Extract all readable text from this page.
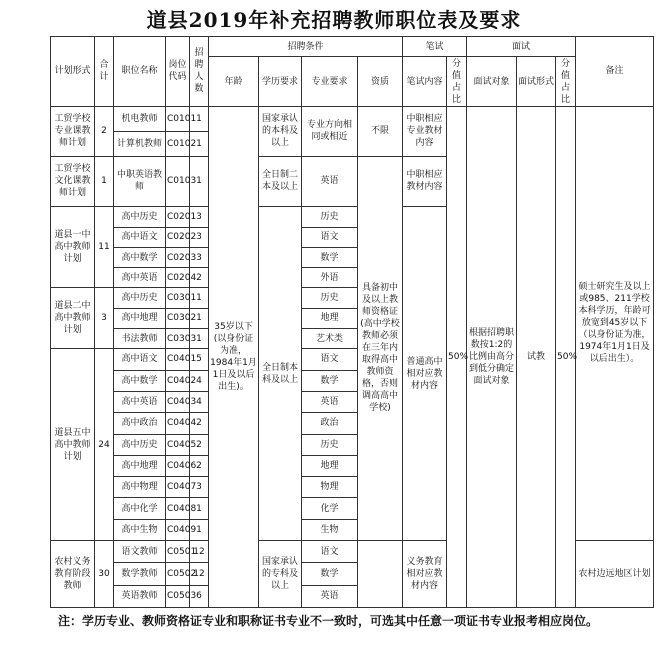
道县2019年补充招聘教师职位表及要求
计划形式	合计	职位名称	岗位代码	招聘人数	招聘条件				笔试		面试			备注
					年龄	学历要求	专业要求	资质	笔试内容	分值占比	面试对象	面试形式	分值占比	
工贸学校专业课教师计划	2	机电教师	C0101	1	35岁以下(以身份证为准，1984年1月1日及以后出生)。	国家承认的本科及以上	专业方向相同或相近	不限	中职相应专业教材内容	50%	根据招聘职数按1:2的比例由高分到低分确定面试对象	试教	50%	硕士研究生及以上或985、211学校本科学历，年龄可放宽到45岁以下（以身份证为准，1974年1月1日及以后出生）。
		计算机教师	C0102	1										
工贸学校文化课教师计划	1	中职英语教师	C0103	1		全日制二本及以上	英语	具备初中及以上教师资格证(高中学校教师必须在三年内取得高中教师资格，否则调高高中学校)	中职相应教材内容					
道县一中高中教师计划	11	高中历史	C0201	3		全日制本科及以上	历史		普通高中相对应教材内容					
		高中语文	C0202	3			语文							
		高中数学	C0203	3			数学							
		高中英语	C0204	2			外语							
道县二中高中教师计划	3	高中历史	C0301	1			历史							
		高中地理	C0302	1			地理							
		书法教师	C0303	1			艺术类							
道县五中高中教师计划	24	高中语文	C0401	5			语文							
		高中数学	C0402	4			数学							
		高中英语	C0403	4			英语							
		高中政治	C0404	2			政治							
		高中历史	C0405	2			历史							
		高中地理	C0406	2			地理							
		高中物理	C0407	3			物理							
		高中化学	C0408	1			化学							
		高中生物	C0409	1			生物							
农村义务教育阶段教师	30	语文教师	C0501	12		国家承认的专科及以上	语文		义务教育相对应教材内容					农村边远地区计划
		数学教师	C0502	12			数学							
		英语教师	C0503	6			英语							
注：学历专业、教师资格证专业和职称证书专业不一致时，可选其中任意一项证书专业报考相应岗位。
